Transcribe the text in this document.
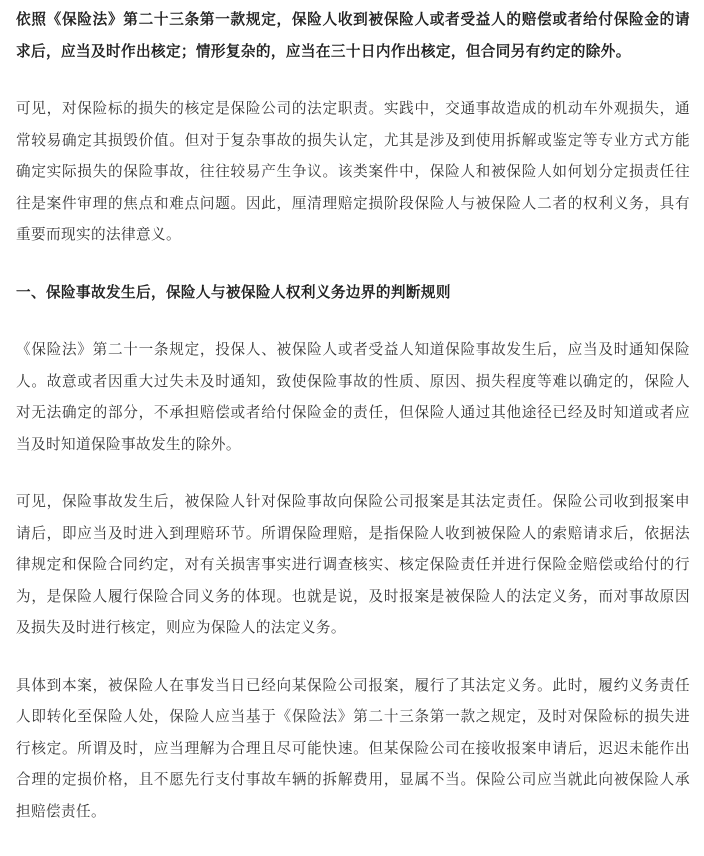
依照《保险法》第二十三条第一款规定，保险人收到被保险人或者受益人的赔偿或者给付保险金的请求后，应当及时作出核定；情形复杂的，应当在三十日内作出核定，但合同另有约定的除外。

可见，对保险标的损失的核定是保险公司的法定职责。实践中，交通事故造成的机动车外观损失，通常较易确定其损毁价值。但对于复杂事故的损失认定，尤其是涉及到使用拆解或鉴定等专业方式方能确定实际损失的保险事故，往往较易产生争议。该类案件中，保险人和被保险人如何划分定损责任往往是案件审理的焦点和难点问题。因此，厘清理赔定损阶段保险人与被保险人二者的权利义务，具有重要而现实的法律意义。

一、保险事故发生后，保险人与被保险人权利义务边界的判断规则

《保险法》第二十一条规定，投保人、被保险人或者受益人知道保险事故发生后，应当及时通知保险人。故意或者因重大过失未及时通知，致使保险事故的性质、原因、损失程度等难以确定的，保险人对无法确定的部分，不承担赔偿或者给付保险金的责任，但保险人通过其他途径已经及时知道或者应当及时知道保险事故发生的除外。

可见，保险事故发生后，被保险人针对保险事故向保险公司报案是其法定责任。保险公司收到报案申请后，即应当及时进入到理赔环节。所谓保险理赔，是指保险人收到被保险人的索赔请求后，依据法律规定和保险合同约定，对有关损害事实进行调查核实、核定保险责任并进行保险金赔偿或给付的行为，是保险人履行保险合同义务的体现。也就是说，及时报案是被保险人的法定义务，而对事故原因及损失及时进行核定，则应为保险人的法定义务。

具体到本案，被保险人在事发当日已经向某保险公司报案，履行了其法定义务。此时，履约义务责任人即转化至保险人处，保险人应当基于《保险法》第二十三条第一款之规定，及时对保险标的损失进行核定。所谓及时，应当理解为合理且尽可能快速。但某保险公司在接收报案申请后，迟迟未能作出合理的定损价格，且不愿先行支付事故车辆的拆解费用，显属不当。保险公司应当就此向被保险人承担赔偿责任。
